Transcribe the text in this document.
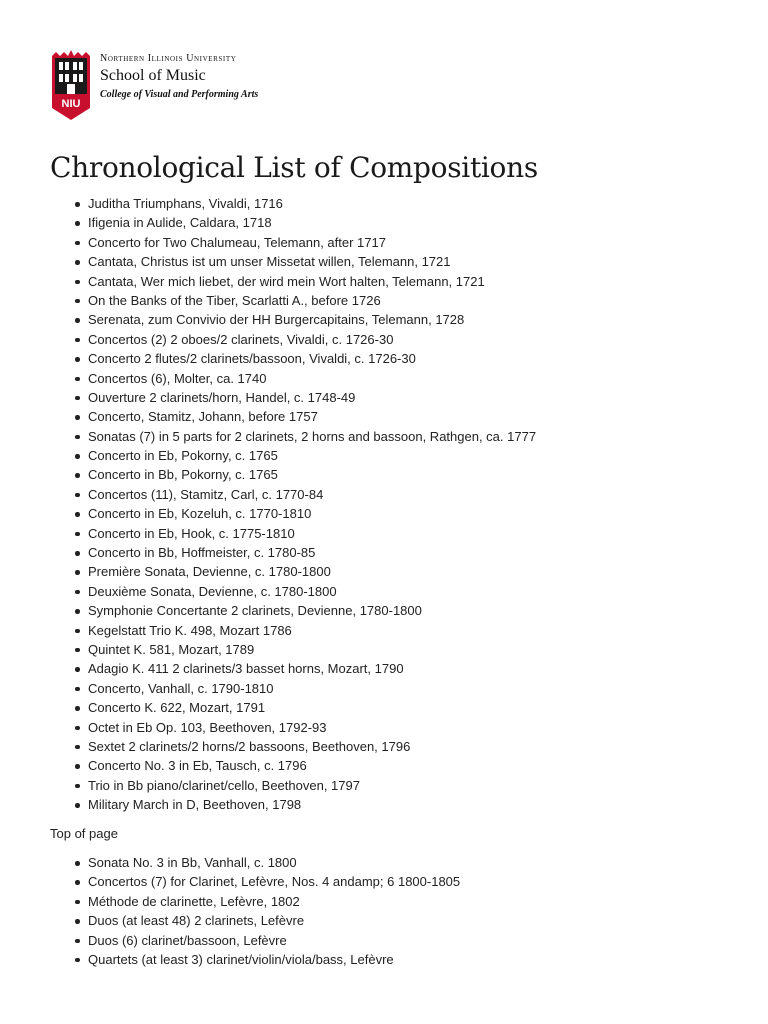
NIU
Northern Illinois University
School of Music
College of Visual and Performing Arts
Chronological List of Compositions
Juditha Triumphans, Vivaldi, 1716
Ifigenia in Aulide, Caldara, 1718
Concerto for Two Chalumeau, Telemann, after 1717
Cantata, Christus ist um unser Missetat willen, Telemann, 1721
Cantata, Wer mich liebet, der wird mein Wort halten, Telemann, 1721
On the Banks of the Tiber, Scarlatti A., before 1726
Serenata, zum Convivio der HH Burgercapitains, Telemann, 1728
Concertos (2) 2 oboes/2 clarinets, Vivaldi, c. 1726-30
Concerto 2 flutes/2 clarinets/bassoon, Vivaldi, c. 1726-30
Concertos (6), Molter, ca. 1740
Ouverture 2 clarinets/horn, Handel, c. 1748-49
Concerto, Stamitz, Johann, before 1757
Sonatas (7) in 5 parts for 2 clarinets, 2 horns and bassoon, Rathgen, ca. 1777
Concerto in Eb, Pokorny, c. 1765
Concerto in Bb, Pokorny, c. 1765
Concertos (11), Stamitz, Carl, c. 1770-84
Concerto in Eb, Kozeluh, c. 1770-1810
Concerto in Eb, Hook, c. 1775-1810
Concerto in Bb, Hoffmeister, c. 1780-85
Première Sonata, Devienne, c. 1780-1800
Deuxième Sonata, Devienne, c. 1780-1800
Symphonie Concertante 2 clarinets, Devienne, 1780-1800
Kegelstatt Trio K. 498, Mozart 1786
Quintet K. 581, Mozart, 1789
Adagio K. 411 2 clarinets/3 basset horns, Mozart, 1790
Concerto, Vanhall, c. 1790-1810
Concerto K. 622, Mozart, 1791
Octet in Eb Op. 103, Beethoven, 1792-93
Sextet 2 clarinets/2 horns/2 bassoons, Beethoven, 1796
Concerto No. 3 in Eb, Tausch, c. 1796
Trio in Bb piano/clarinet/cello, Beethoven, 1797
Military March in D, Beethoven, 1798
Top of page
Sonata No. 3 in Bb, Vanhall, c. 1800
Concertos (7) for Clarinet, Lefèvre, Nos. 4 andamp; 6 1800-1805
Méthode de clarinette, Lefèvre, 1802
Duos (at least 48) 2 clarinets, Lefèvre
Duos (6) clarinet/bassoon, Lefèvre
Quartets (at least 3) clarinet/violin/viola/bass, Lefèvre
